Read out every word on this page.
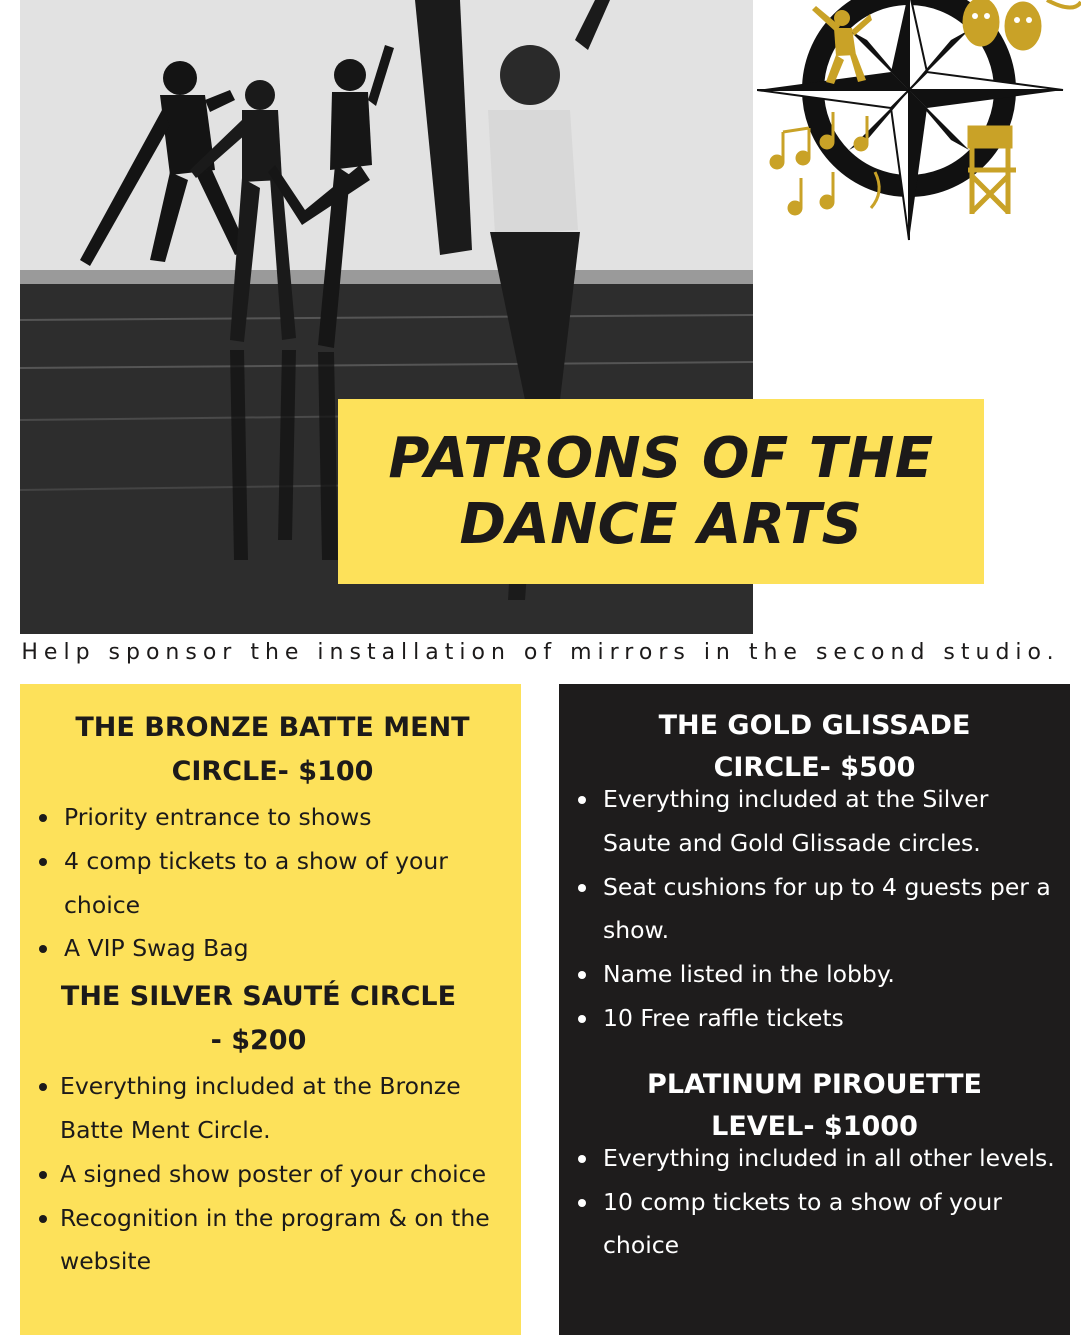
PATRONS OF THE
DANCE ARTS
Help sponsor the installation of mirrors in the second studio.
THE BRONZE BATTE MENT
CIRCLE- $100
Priority entrance to shows
4 comp tickets to a show of your choice
A VIP Swag Bag
THE SILVER SAUTÉ CIRCLE
- $200
Everything included at the Bronze Batte Ment Circle.
A signed show poster of your choice
Recognition in the program & on the website
THE GOLD GLISSADE
CIRCLE- $500
Everything included at the Silver Saute and Gold Glissade circles.
Seat cushions for up to 4 guests per a show.
Name listed in the lobby.
10 Free raffle tickets
PLATINUM PIROUETTE
LEVEL- $1000
Everything included in all other levels.
10 comp tickets to a show of your choice
